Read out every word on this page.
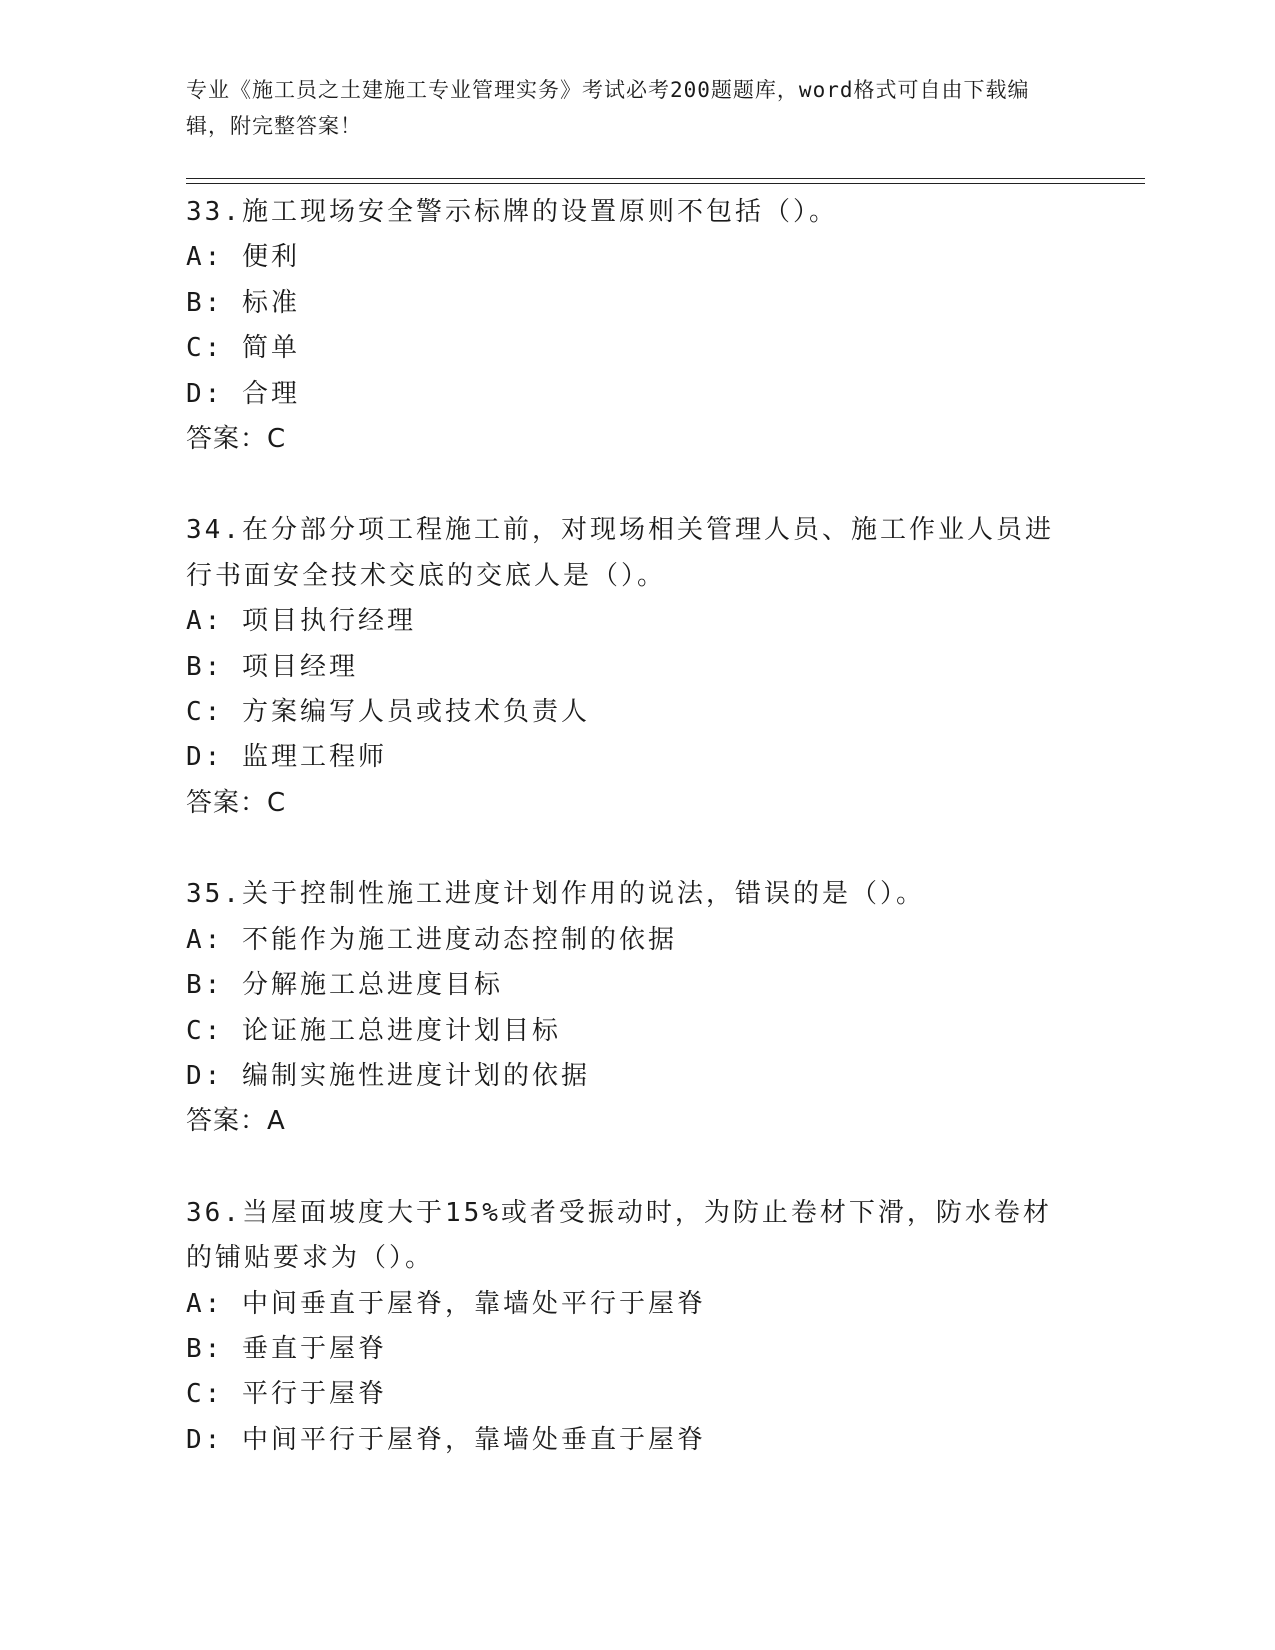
专业《施工员之土建施工专业管理实务》考试必考200题题库，word格式可自由下载编辑，附完整答案！
33.施工现场安全警示标牌的设置原则不包括（）。
A: 便利
B: 标准
C: 简单
D: 合理
答案：C
34.在分部分项工程施工前，对现场相关管理人员、施工作业人员进行书面安全技术交底的交底人是（）。
A: 项目执行经理
B: 项目经理
C: 方案编写人员或技术负责人
D: 监理工程师
答案：C
35.关于控制性施工进度计划作用的说法，错误的是（）。
A: 不能作为施工进度动态控制的依据
B: 分解施工总进度目标
C: 论证施工总进度计划目标
D: 编制实施性进度计划的依据
答案：A
36.当屋面坡度大于15%或者受振动时，为防止卷材下滑，防水卷材的铺贴要求为（）。
A: 中间垂直于屋脊，靠墙处平行于屋脊
B: 垂直于屋脊
C: 平行于屋脊
D: 中间平行于屋脊，靠墙处垂直于屋脊
